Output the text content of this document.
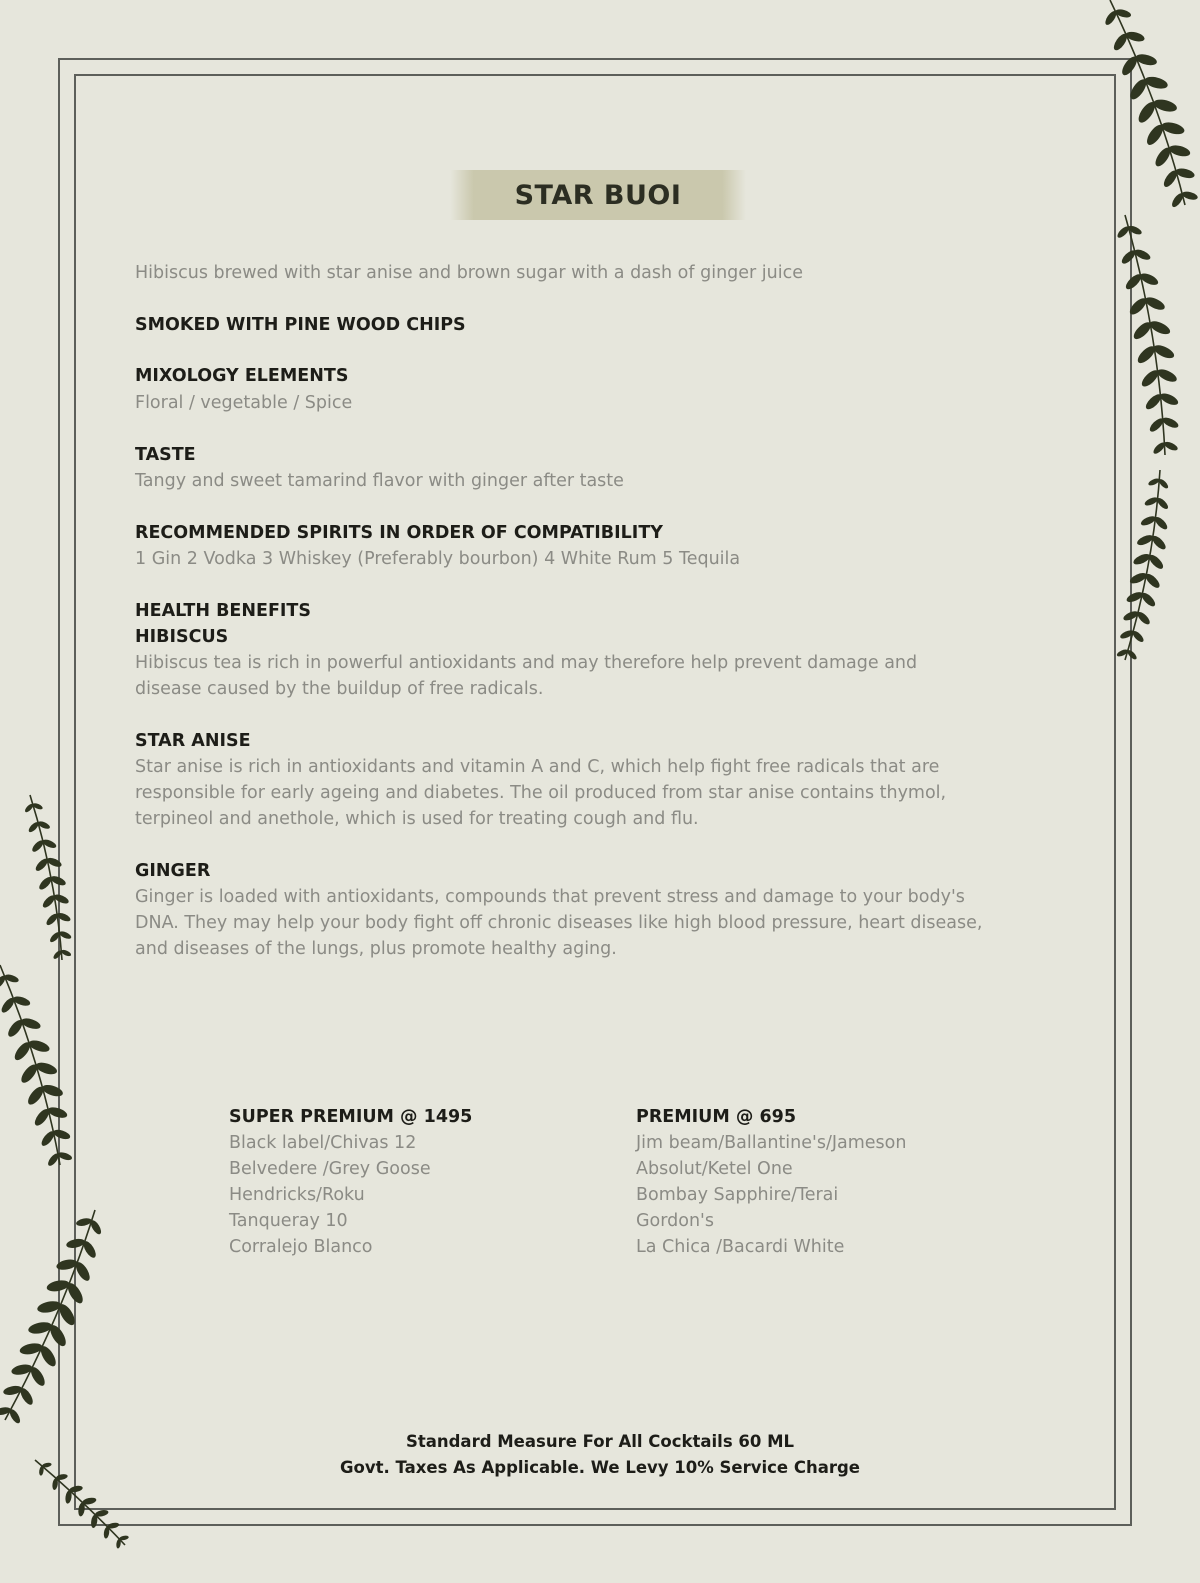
STAR BUOI
Hibiscus brewed with star anise and brown sugar with a dash of ginger juice
SMOKED WITH PINE WOOD CHIPS
MIXOLOGY ELEMENTS
Floral / vegetable / Spice
TASTE
Tangy and sweet tamarind flavor with ginger after taste
RECOMMENDED SPIRITS IN ORDER OF COMPATIBILITY
1 Gin 2 Vodka 3 Whiskey (Preferably bourbon) 4 White Rum 5 Tequila
HEALTH BENEFITS
HIBISCUS
Hibiscus tea is rich in powerful antioxidants and may therefore help prevent damage and
disease caused by the buildup of free radicals.
STAR ANISE
Star anise is rich in antioxidants and vitamin A and C, which help fight free radicals that are
responsible for early ageing and diabetes. The oil produced from star anise contains thymol,
terpineol and anethole, which is used for treating cough and flu.
GINGER
Ginger is loaded with antioxidants, compounds that prevent stress and damage to your body's
DNA. They may help your body fight off chronic diseases like high blood pressure, heart disease,
and diseases of the lungs, plus promote healthy aging.
SUPER PREMIUM @ 1495
Black label/Chivas 12
Belvedere /Grey Goose
Hendricks/Roku
Tanqueray 10
Corralejo Blanco
PREMIUM @ 695
Jim beam/Ballantine's/Jameson
Absolut/Ketel One
Bombay Sapphire/Terai
Gordon's
La Chica /Bacardi White
Standard Measure For All Cocktails 60 ML
Govt. Taxes As Applicable. We Levy 10% Service Charge
